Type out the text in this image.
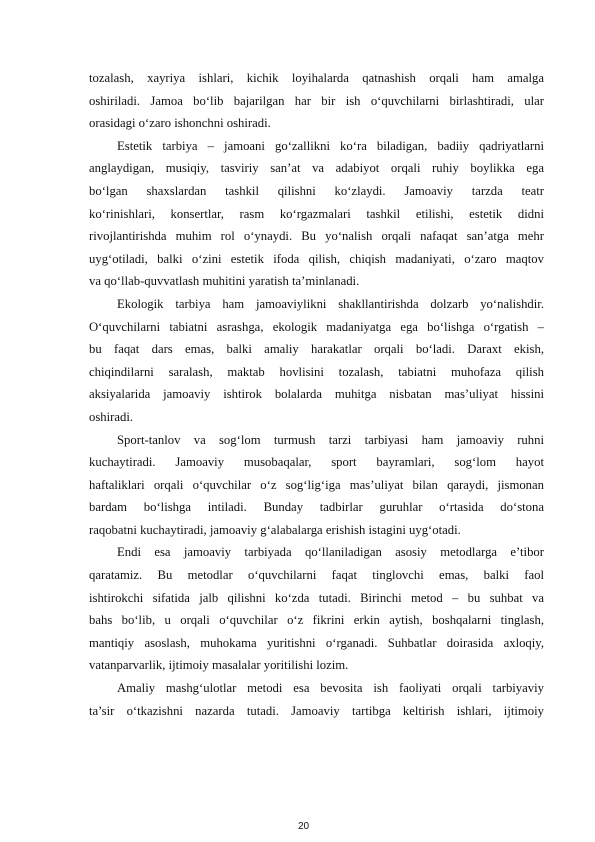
tozalash, xayriya ishlari, kichik loyihalarda qatnashish orqali ham amalga
oshiriladi. Jamoa bo‘lib bajarilgan har bir ish o‘quvchilarni birlashtiradi, ular
orasidagi o‘zaro ishonchni oshiradi.
Estetik tarbiya – jamoani go‘zallikni ko‘ra biladigan, badiiy qadriyatlarni
anglaydigan, musiqiy, tasviriy san’at va adabiyot orqali ruhiy boylikka ega
bo‘lgan shaxslardan tashkil qilishni ko‘zlaydi. Jamoaviy tarzda teatr
ko‘rinishlari, konsertlar, rasm ko‘rgazmalari tashkil etilishi, estetik didni
rivojlantirishda muhim rol o‘ynaydi. Bu yo‘nalish orqali nafaqat san’atga mehr
uyg‘otiladi, balki o‘zini estetik ifoda qilish, chiqish madaniyati, o‘zaro maqtov
va qo‘llab-quvvatlash muhitini yaratish ta’minlanadi.
Ekologik tarbiya ham jamoaviylikni shakllantirishda dolzarb yo‘nalishdir.
O‘quvchilarni tabiatni asrashga, ekologik madaniyatga ega bo‘lishga o‘rgatish –
bu faqat dars emas, balki amaliy harakatlar orqali bo‘ladi. Daraxt ekish,
chiqindilarni saralash, maktab hovlisini tozalash, tabiatni muhofaza qilish
aksiyalarida jamoaviy ishtirok bolalarda muhitga nisbatan mas’uliyat hissini
oshiradi.
Sport-tanlov va sog‘lom turmush tarzi tarbiyasi ham jamoaviy ruhni
kuchaytiradi. Jamoaviy musobaqalar, sport bayramlari, sog‘lom hayot
haftaliklari orqali o‘quvchilar o‘z sog‘lig‘iga mas’uliyat bilan qaraydi, jismonan
bardam bo‘lishga intiladi. Bunday tadbirlar guruhlar o‘rtasida do‘stona
raqobatni kuchaytiradi, jamoaviy g‘alabalarga erishish istagini uyg‘otadi.
Endi esa jamoaviy tarbiyada qo‘llaniladigan asosiy metodlarga e’tibor
qaratamiz. Bu metodlar o‘quvchilarni faqat tinglovchi emas, balki faol
ishtirokchi sifatida jalb qilishni ko‘zda tutadi. Birinchi metod – bu suhbat va
bahs bo‘lib, u orqali o‘quvchilar o‘z fikrini erkin aytish, boshqalarni tinglash,
mantiqiy asoslash, muhokama yuritishni o‘rganadi. Suhbatlar doirasida axloqiy,
vatanparvarlik, ijtimoiy masalalar yoritilishi lozim.
Amaliy mashg‘ulotlar metodi esa bevosita ish faoliyati orqali tarbiyaviy
ta’sir o‘tkazishni nazarda tutadi. Jamoaviy tartibga keltirish ishlari, ijtimoiy
20
